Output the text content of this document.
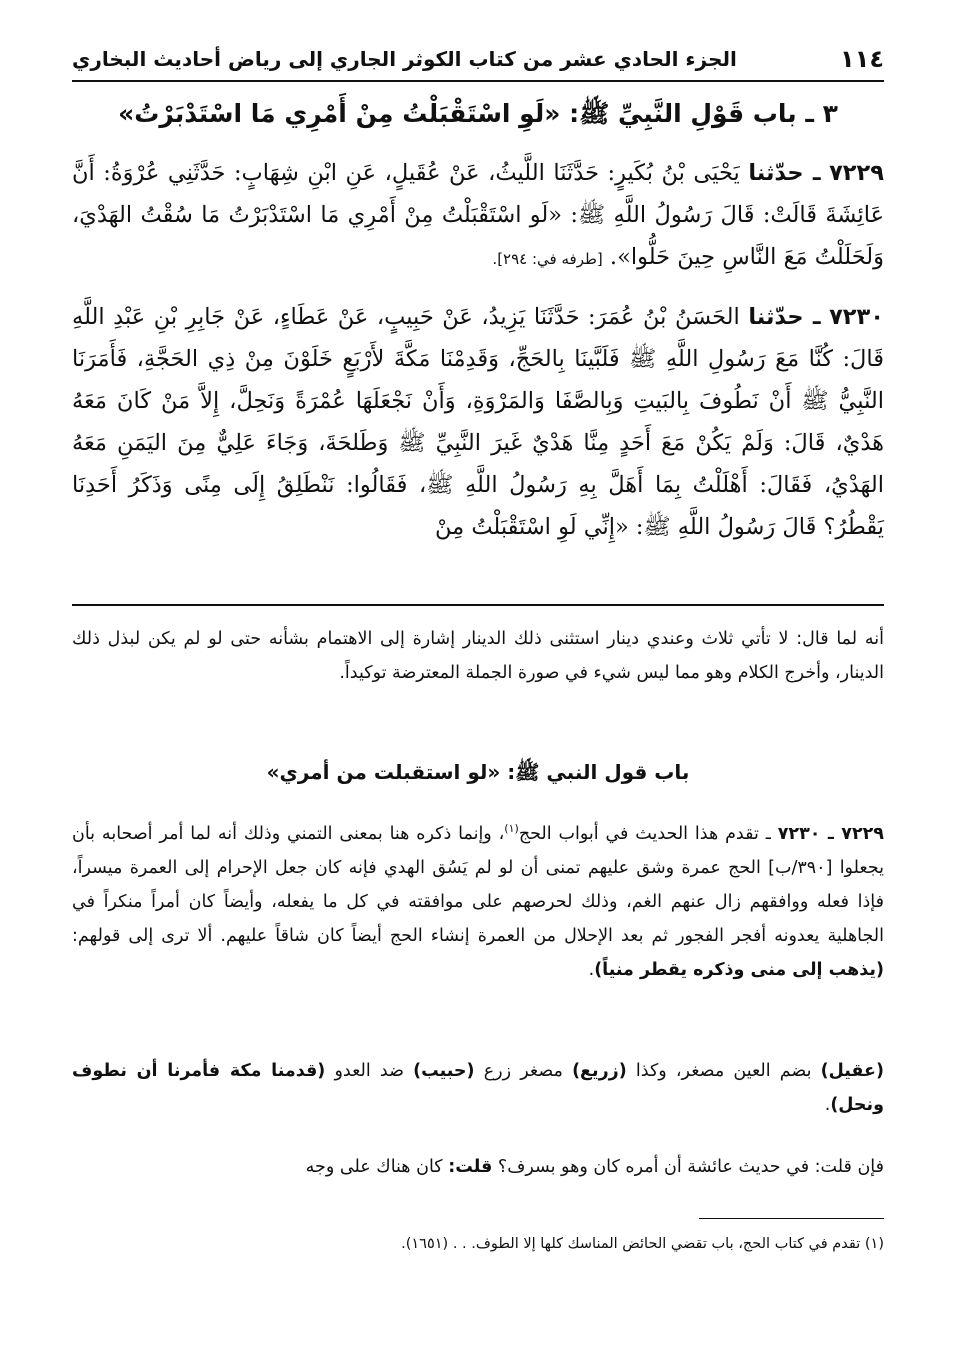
١١٤
الجزء الحادي عشر من كتاب الكوثر الجاري إلى رياض أحاديث البخاري
٣ ـ باب قَوْلِ النَّبِيِّ ﷺ: «لَوِ اسْتَقْبَلْتُ مِنْ أَمْرِي مَا اسْتَدْبَرْتُ»
٧٢٢٩ ـ حدّثنا يَحْيَى بْنُ بُكَيرٍ: حَدَّثَنَا اللَّيثُ، عَنْ عُقَيلٍ، عَنِ ابْنِ شِهَابٍ: حَدَّثَنِي عُرْوَةُ: أَنَّ عَائِشَةَ قَالَتْ: قَالَ رَسُولُ اللَّهِ ﷺ: «لَو اسْتَقْبَلْتُ مِنْ أَمْرِي مَا اسْتَدْبَرْتُ مَا سُقْتُ الهَدْيَ، وَلَحَلَلْتُ مَعَ النَّاسِ حِينَ حَلُّوا». [طرفه في: ٢٩٤].
٧٢٣٠ ـ حدّثنا الحَسَنُ بْنُ عُمَرَ: حَدَّثَنَا يَزِيدُ، عَنْ حَبِيبٍ، عَنْ عَطَاءٍ، عَنْ جَابِرِ بْنِ عَبْدِ اللَّهِ قَالَ: كُنَّا مَعَ رَسُولِ اللَّهِ ﷺ فَلَبَّينَا بِالحَجِّ، وَقَدِمْنَا مَكَّةَ لأَرْبَعٍ خَلَوْنَ مِنْ ذِي الحَجَّةِ، فَأَمَرَنَا النَّبِيُّ ﷺ أَنْ نَطُوفَ بِالبَيتِ وَبِالصَّفَا وَالمَرْوَةِ، وَأَنْ نَجْعَلَهَا عُمْرَةً وَنَحِلَّ، إِلاَّ مَنْ كَانَ مَعَهُ هَدْيٌ، قَالَ: وَلَمْ يَكُنْ مَعَ أَحَدٍ مِنَّا هَدْيٌ غَيرَ النَّبِيِّ ﷺ وَطَلحَةَ، وَجَاءَ عَلِيٌّ مِنَ اليَمَنِ مَعَهُ الهَدْيُ، فَقَالَ: أَهْلَلْتُ بِمَا أَهَلَّ بِهِ رَسُولُ اللَّهِ ﷺ، فَقَالُوا: نَنْطَلِقُ إِلَى مِنًى وَذَكَرُ أَحَدِنَا يَقْطُرُ؟ قَالَ رَسُولُ اللَّهِ ﷺ: «إِنِّي لَوِ اسْتَقْبَلْتُ مِنْ
أنه لما قال: لا تأتي ثلاث وعندي دينار استثنى ذلك الدينار إشارة إلى الاهتمام بشأنه حتى لو لم يكن لبذل ذلك الدينار، وأخرج الكلام وهو مما ليس شيء في صورة الجملة المعترضة توكيداً.
باب قول النبي ﷺ: «لو استقبلت من أمري»
٧٢٢٩ ـ ٧٢٣٠ ـ تقدم هذا الحديث في أبواب الحج$^{(١)}$، وإنما ذكره هنا بمعنى التمني وذلك أنه لما أمر أصحابه بأن يجعلوا [٣٩٠/ب] الحج عمرة وشق عليهم تمنى أن لو لم يَسُق الهدي فإنه كان جعل الإحرام إلى العمرة ميسراً، فإذا فعله ووافقهم زال عنهم الغم، وذلك لحرصهم على موافقته في كل ما يفعله، وأيضاً كان أمراً منكراً في الجاهلية يعدونه أفجر الفجور ثم بعد الإحلال من العمرة إنشاء الحج أيضاً كان شاقاً عليهم. ألا ترى إلى قولهم: (يذهب إلى منى وذكره يقطر منياً).
(عقيل) بضم العين مصغر، وكذا (زريع) مصغر زرع (حبيب) ضد العدو (قدمنا مكة فأمرنا أن نطوف ونحل).
فإن قلت: في حديث عائشة أن أمره كان وهو بسرف؟ قلت: كان هناك على وجه
(١) تقدم في كتاب الحج، باب تقضي الحائض المناسك كلها إلا الطوف. . . (١٦٥١).
